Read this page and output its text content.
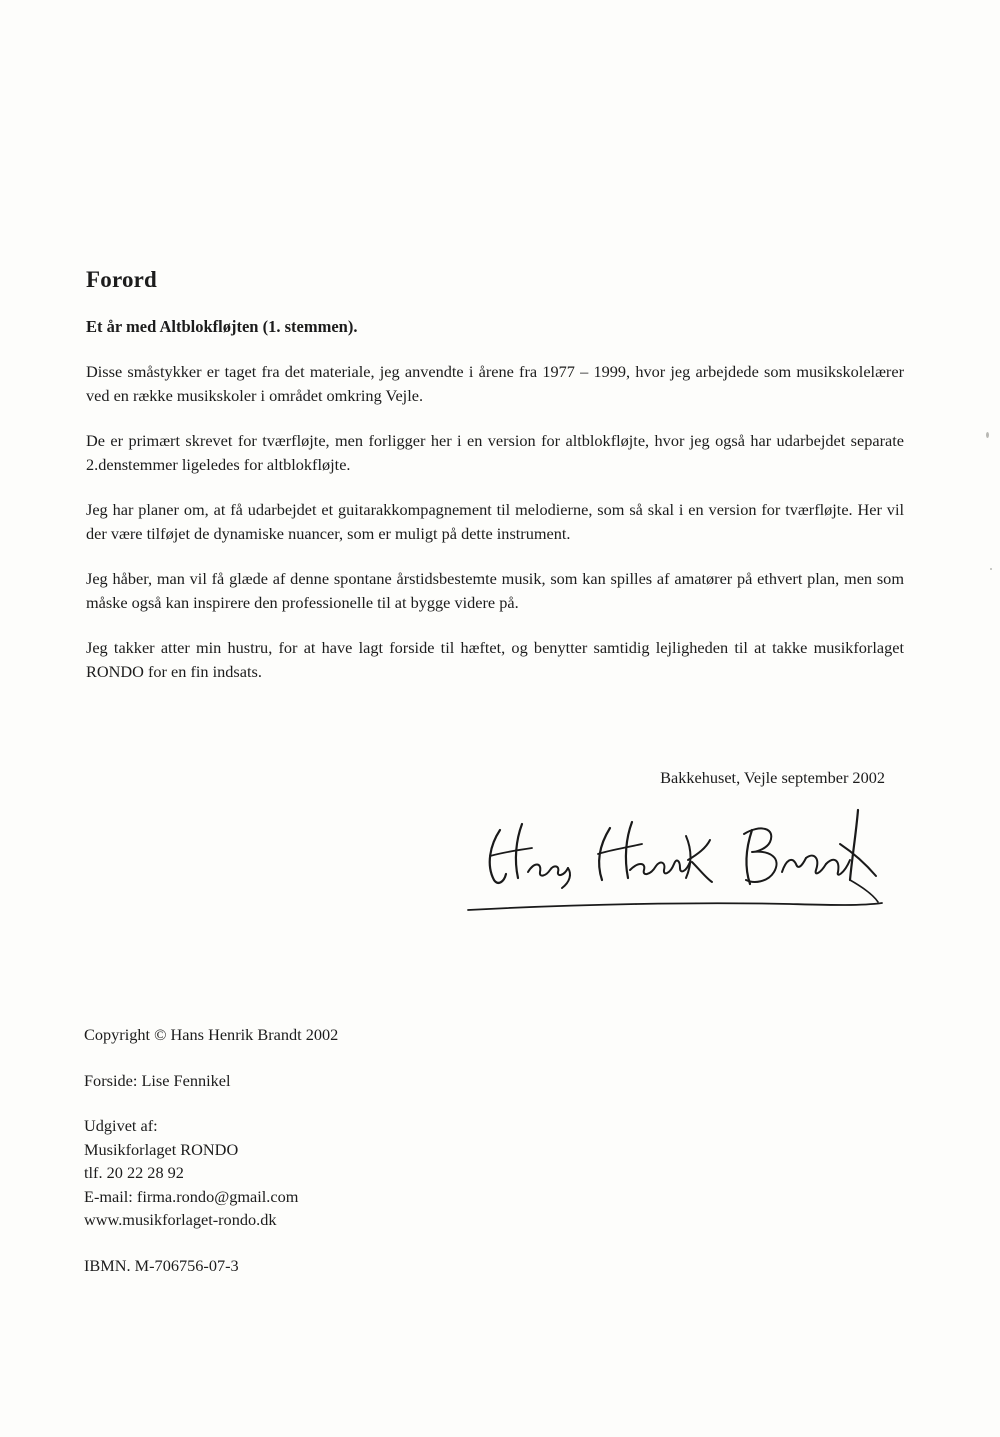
Forord
Et år med Altblokfløjten (1. stemmen).

Disse småstykker er taget fra det materiale, jeg anvendte i årene fra 1977 – 1999, hvor jeg arbejdede som musikskolelærer ved en række musikskoler i området omkring Vejle.

De er primært skrevet for tværfløjte, men forligger her i en version for altblokfløjte, hvor jeg også har udarbejdet separate 2.denstemmer ligeledes for altblokfløjte.

Jeg har planer om, at få udarbejdet et guitarakkompagnement til melodierne, som så skal i en version for tværfløjte. Her vil der være tilføjet de dynamiske nuancer, som er muligt på dette instrument.

Jeg håber, man vil få glæde af denne spontane årstidsbestemte musik, som kan spilles af amatører på ethvert plan, men som måske også kan inspirere den professionelle til at bygge videre på.

Jeg takker atter min hustru, for at have lagt forside til hæftet, og benytter samtidig lejligheden til at takke musikforlaget RONDO for en fin indsats.

Bakkehuset, Vejle september 2002
Copyright © Hans Henrik Brandt 2002
Forside: Lise Fennikel
Udgivet af:
Musikforlaget RONDO
tlf. 20 22 28 92
E-mail: firma.rondo@gmail.com
www.musikforlaget-rondo.dk
IBMN. M-706756-07-3
